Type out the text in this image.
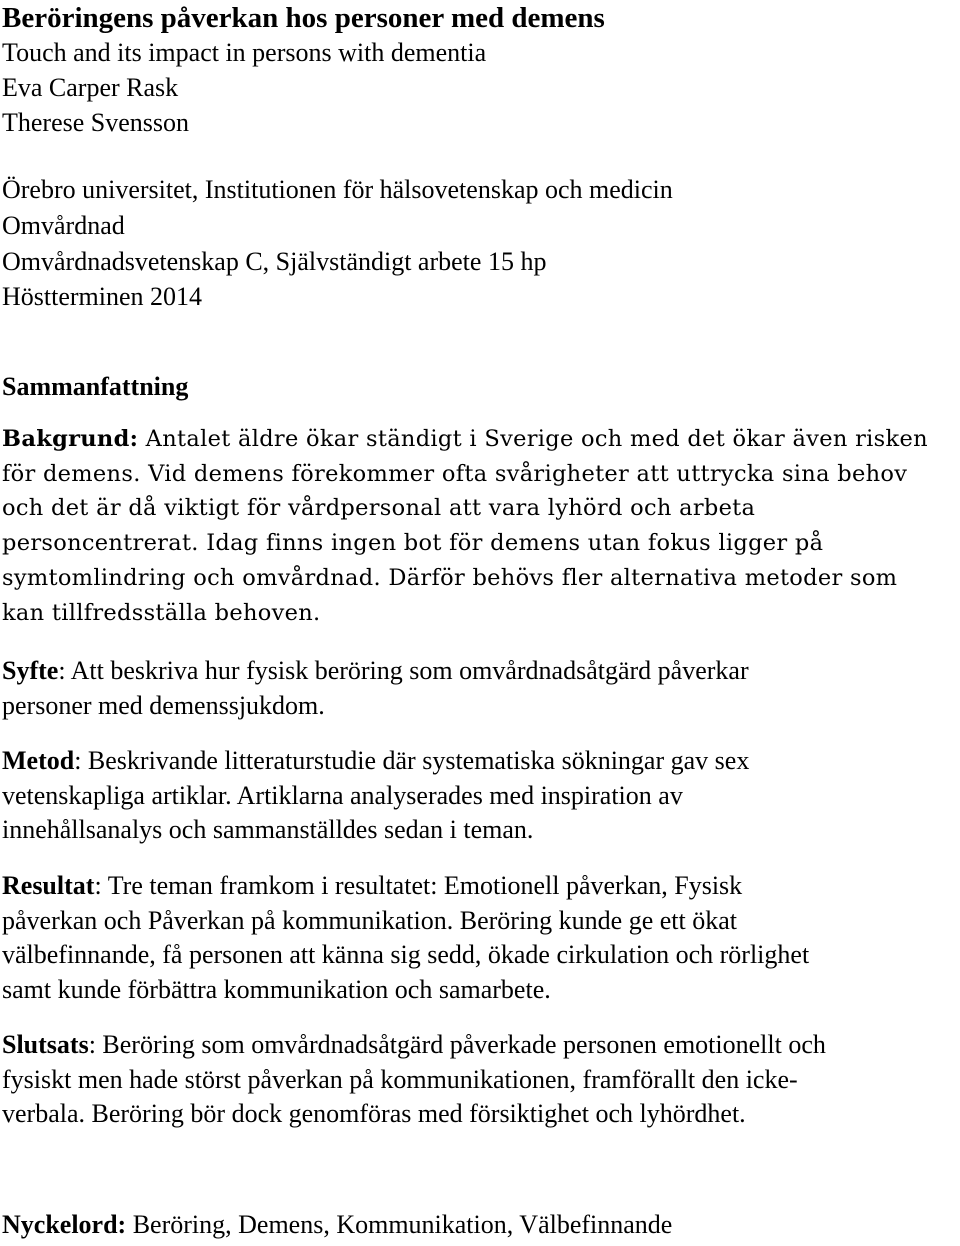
Beröringens påverkan hos personer med demens

Touch and its impact in persons with dementia

Eva Carper Rask

Therese Svensson

Örebro universitet, Institutionen för hälsovetenskap och medicin

Omvårdnad

Omvårdnadsvetenskap C, Självständigt arbete 15 hp

Höstterminen 2014

Sammanfattning

Bakgrund: Antalet äldre ökar ständigt i Sverige och med det ökar även risken
för demens. Vid demens förekommer ofta svårigheter att uttrycka sina behov
och det är då viktigt för vårdpersonal att vara lyhörd och arbeta
personcentrerat. Idag finns ingen bot för demens utan fokus ligger på
symtomlindring och omvårdnad. Därför behövs fler alternativa metoder som
kan tillfredsställa behoven.

Syfte: Att beskriva hur fysisk beröring som omvårdnadsåtgärd påverkar
personer med demenssjukdom.

Metod: Beskrivande litteraturstudie där systematiska sökningar gav sex
vetenskapliga artiklar. Artiklarna analyserades med inspiration av
innehållsanalys och sammanställdes sedan i teman.

Resultat: Tre teman framkom i resultatet: Emotionell påverkan, Fysisk
påverkan och Påverkan på kommunikation. Beröring kunde ge ett ökat
välbefinnande, få personen att känna sig sedd, ökade cirkulation och rörlighet
samt kunde förbättra kommunikation och samarbete.

Slutsats: Beröring som omvårdnadsåtgärd påverkade personen emotionellt och
fysiskt men hade störst påverkan på kommunikationen, framförallt den icke-
verbala. Beröring bör dock genomföras med försiktighet och lyhördhet.

Nyckelord: Beröring, Demens, Kommunikation, Välbefinnande
